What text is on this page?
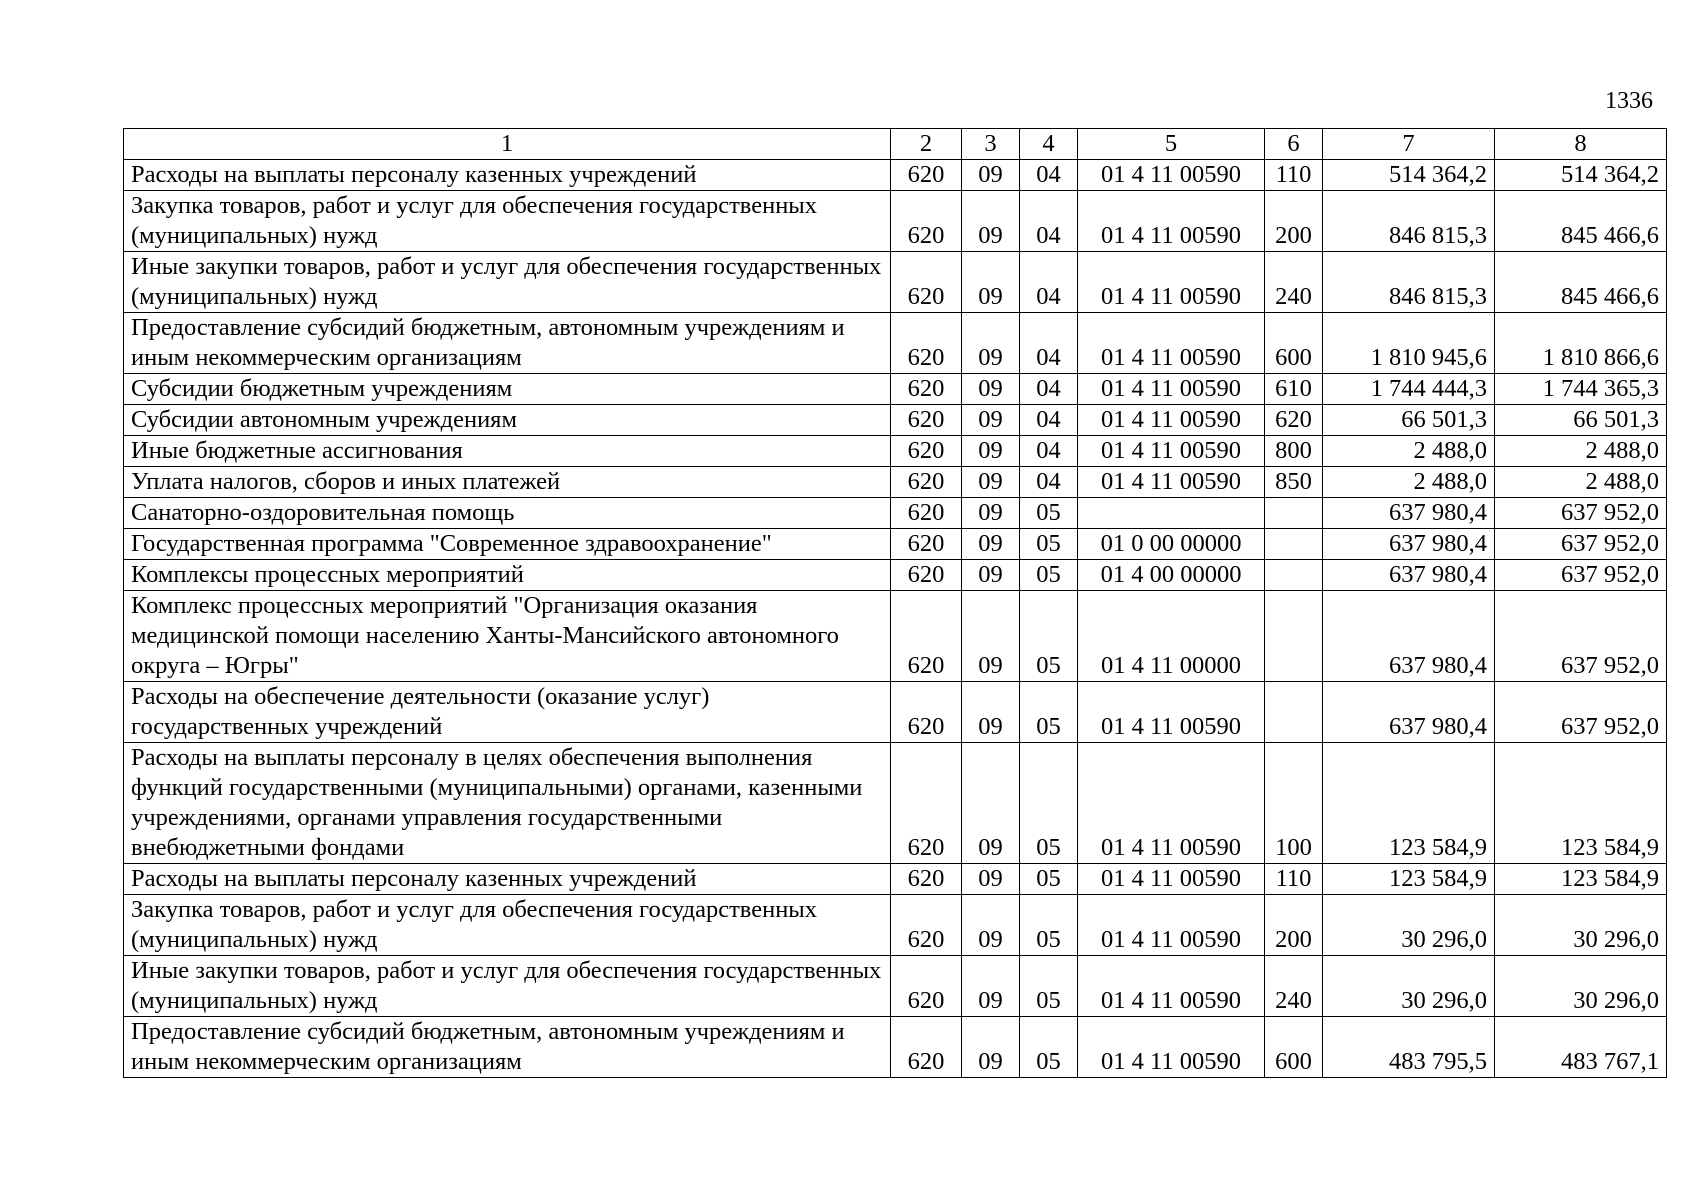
1336
1	2	3	4	5	6	7	8
Расходы на выплаты персоналу казенных учреждений	620	09	04	01 4 11 00590	110	514 364,2	514 364,2
Закупка товаров, работ и услуг для обеспечения государственных (муниципальных) нужд	620	09	04	01 4 11 00590	200	846 815,3	845 466,6
Иные закупки товаров, работ и услуг для обеспечения государственных (муниципальных) нужд	620	09	04	01 4 11 00590	240	846 815,3	845 466,6
Предоставление субсидий бюджетным, автономным учреждениям и иным некоммерческим организациям	620	09	04	01 4 11 00590	600	1 810 945,6	1 810 866,6
Субсидии бюджетным учреждениям	620	09	04	01 4 11 00590	610	1 744 444,3	1 744 365,3
Субсидии автономным учреждениям	620	09	04	01 4 11 00590	620	66 501,3	66 501,3
Иные бюджетные ассигнования	620	09	04	01 4 11 00590	800	2 488,0	2 488,0
Уплата налогов, сборов и иных платежей	620	09	04	01 4 11 00590	850	2 488,0	2 488,0
Санаторно-оздоровительная помощь	620	09	05			637 980,4	637 952,0
Государственная программа "Современное здравоохранение"	620	09	05	01 0 00 00000		637 980,4	637 952,0
Комплексы процессных мероприятий	620	09	05	01 4 00 00000		637 980,4	637 952,0
Комплекс процессных мероприятий "Организация оказания медицинской помощи населению Ханты-Мансийского автономного округа – Югры"	620	09	05	01 4 11 00000		637 980,4	637 952,0
Расходы на обеспечение деятельности (оказание услуг) государственных учреждений	620	09	05	01 4 11 00590		637 980,4	637 952,0
Расходы на выплаты персоналу в целях обеспечения выполнения функций государственными (муниципальными) органами, казенными учреждениями, органами управления государственными внебюджетными фондами	620	09	05	01 4 11 00590	100	123 584,9	123 584,9
Расходы на выплаты персоналу казенных учреждений	620	09	05	01 4 11 00590	110	123 584,9	123 584,9
Закупка товаров, работ и услуг для обеспечения государственных (муниципальных) нужд	620	09	05	01 4 11 00590	200	30 296,0	30 296,0
Иные закупки товаров, работ и услуг для обеспечения государственных (муниципальных) нужд	620	09	05	01 4 11 00590	240	30 296,0	30 296,0
Предоставление субсидий бюджетным, автономным учреждениям и иным некоммерческим организациям	620	09	05	01 4 11 00590	600	483 795,5	483 767,1
